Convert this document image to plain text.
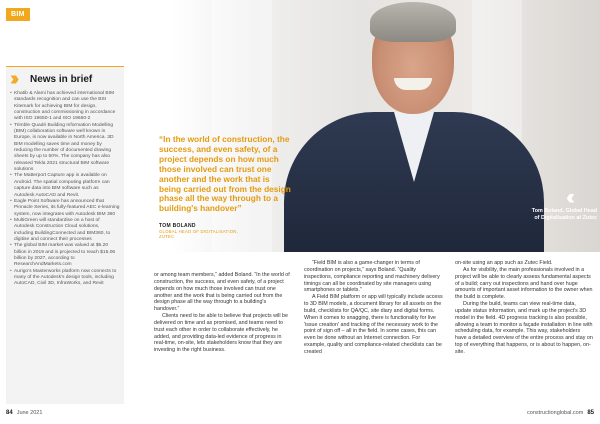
BIM
››	News in brief
• Khatib & Alami has achieved international BIM standards recognition and can use the BSI Kitemark for achieving BIM for design, construction and commissioning in accordance with ISO 19650-1 and ISO 19650-2
• Trimble Quadri Building Information Modelling (BIM) collaboration software well known in Europe, is now available in North America. 3D BIM modelling saves time and money by reducing the number of documented drawing sheets by up to 50%. The company has also released Tekla 2021 structural BIM software solutions
• The Matterport Capture app is available on Android. The spatial computing platform can capture data into BIM software such as Autodesk AutoCAD and Revit.
• Eagle Point Software has announced that Pinnacle Series, its fully-featured AEC e-learning system, now integrates with Autodesk BIM 360
• MultiGreen will standardise on a host of Autodesk Construction Cloud solutions, including BuildingConnected and BIM360, to digitise and connect their processes
• The global BIM market was valued at $5.20 billion in 2019 and is projected to reach $15.06 billion by 2027, according to ResearchAndMarkets.com
• Aurigo's Masterworks platform now connects to many of the Autodesk's design tools, including AutoCAD, Civil 3D, InfraWorks, and Revit
‹‹
Tom Boland, Global Head of Digitalisation at Zutec
“In the world of construction, the success, and even safety, of a project depends on how much those involved can trust one another and the work that is being carried out from the design phase all the way through to a building's handover”
TOM BOLAND
GLOBAL HEAD OF DIGITALISATION, ZUTEC

or among team members,” added Boland. “In the world of construction, the success, and even safety, of a project depends on how much those involved can trust one another and the work that is being carried out from the design phase all the way through to a building's handover.”

Clients need to be able to believe that projects will be delivered on time and as promised, and teams need to trust each other in order to collaborate effectively, he added, and providing data-led evidence of progress in real-time, on-site, lets stakeholders know that they are investing in the right business.

“Field BIM is also a game-changer in terms of coordination on projects,” says Boland. “Quality inspections, compliance reporting and machinery delivery timings can all be coordinated by site managers using smartphones or tablets.”

A Field BIM platform or app will typically include access to 3D BIM models, a document library for all assets on the build, checklists for QA/QC, site diary and digital forms. When it comes to snagging, there is functionality for live 'issue creation' and tracking of the necessary work to the point of sign off – all in the field. In some cases, this can even be done without an Internet connection. For example, quality and compliance-related checklists can be created

on-site using an app such as Zutec Field.

As for visibility, the main professionals involved in a project will be able to clearly assess fundamental aspects of a build; carry out inspections and hand over huge amounts of important asset information to the owner when the build is complete.

During the build, teams can view real-time data, update status information, and mark up the project's 3D model in the field. 4D progress tracking is also possible, allowing a team to monitor a façade installation in line with scheduling data, for example. This way, stakeholders have a detailed overview of the entire process and stay on top of everything that happens, or is about to happen, on-site.

84 June 2021	constructionglobal.com 85
